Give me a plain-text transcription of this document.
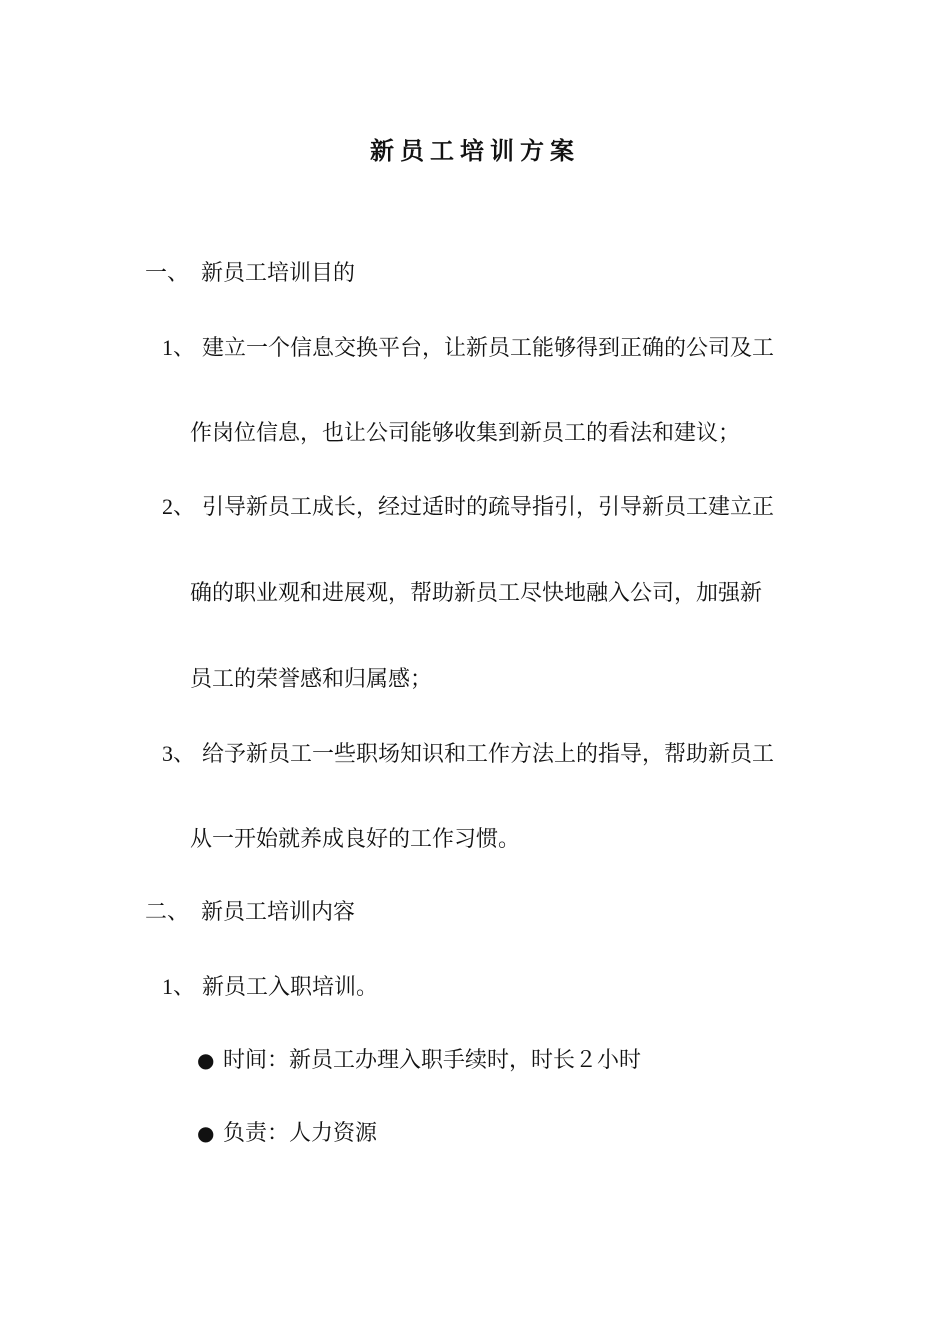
新员工培训方案
一、 新员工培训目的
1、 建立一个信息交换平台，让新员工能够得到正确的公司及工
作岗位信息，也让公司能够收集到新员工的看法和建议；
2、 引导新员工成长，经过适时的疏导指引，引导新员工建立正
确的职业观和进展观，帮助新员工尽快地融入公司，加强新
员工的荣誉感和归属感；
3、 给予新员工一些职场知识和工作方法上的指导，帮助新员工
从一开始就养成良好的工作习惯。
二、 新员工培训内容
1、 新员工入职培训。
● 时间：新员工办理入职手续时，时长２小时
● 负责：人力资源
